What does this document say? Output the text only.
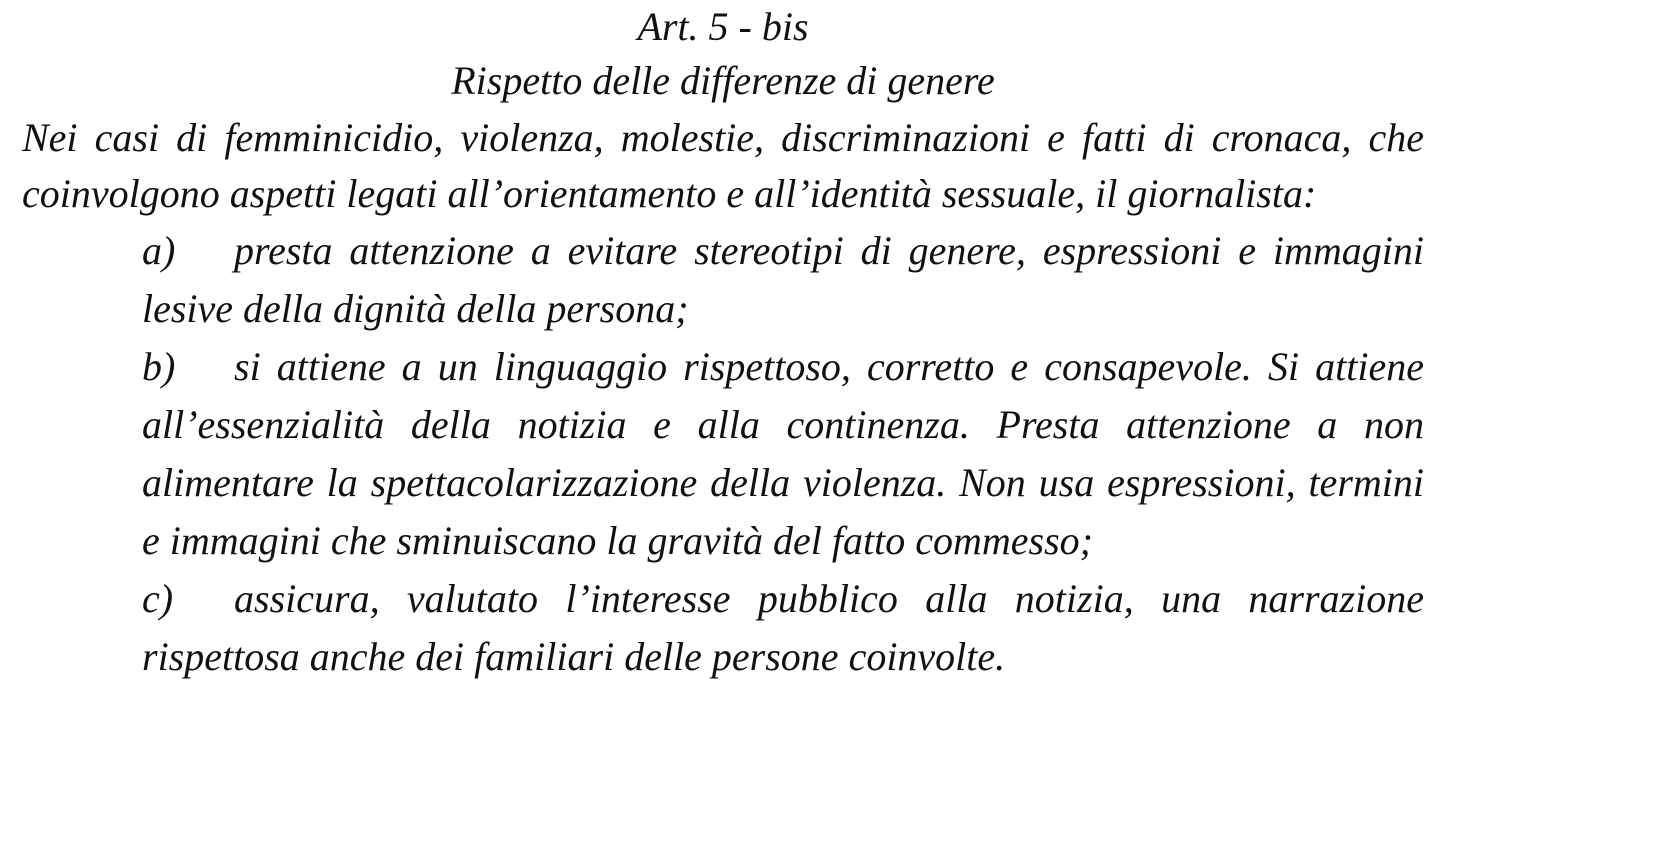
Art. 5 - bis

Rispetto delle differenze di genere

Nei casi di femminicidio, violenza, molestie, discriminazioni e fatti di cronaca, che coinvolgono aspetti legati all’orientamento e all’identità sessuale, il giornalista:

a) presta attenzione a evitare stereotipi di genere, espressioni e immagini lesive della dignità della persona;
b) si attiene a un linguaggio rispettoso, corretto e consapevole. Si attiene all’essenzialità della notizia e alla continenza. Presta attenzione a non alimentare la spettacolarizzazione della violenza. Non usa espressioni, termini e immagini che sminuiscano la gravità del fatto commesso;
c) assicura, valutato l’interesse pubblico alla notizia, una narrazione rispettosa anche dei familiari delle persone coinvolte.
